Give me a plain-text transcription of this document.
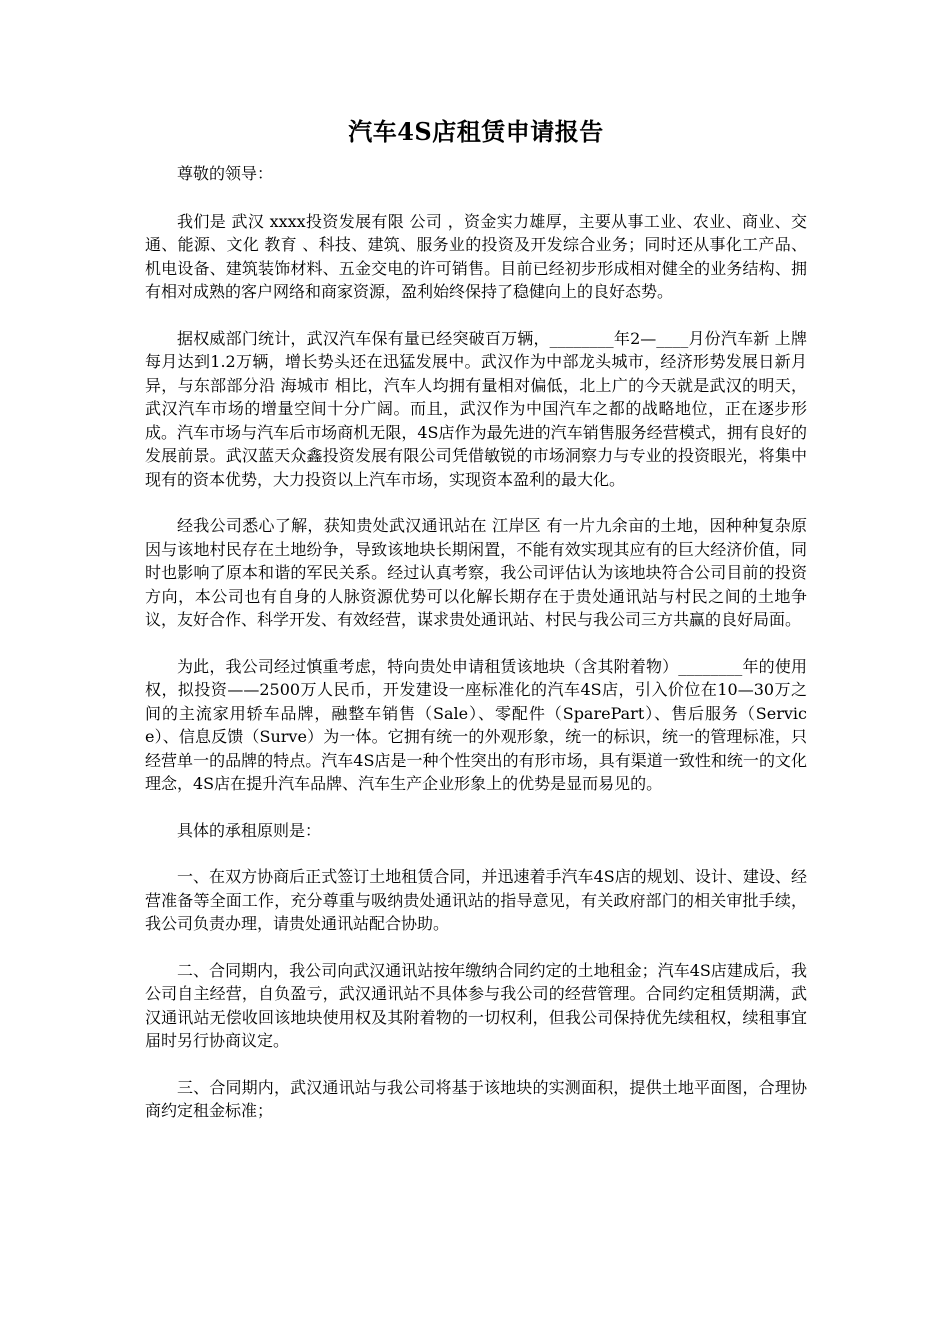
汽车4S店租赁申请报告

尊敬的领导：

我们是 武汉 xxxx投资发展有限 公司 ，资金实力雄厚，主要从事工业、农业、商业、交通、能源、文化 教育 、科技、建筑、服务业的投资及开发综合业务；同时还从事化工产品、机电设备、建筑装饰材料、五金交电的许可销售。目前已经初步形成相对健全的业务结构、拥有相对成熟的客户网络和商家资源，盈利始终保持了稳健向上的良好态势。

据权威部门统计，武汉汽车保有量已经突破百万辆，________年2—____月份汽车新 上牌 每月达到1.2万辆，增长势头还在迅猛发展中。武汉作为中部龙头城市，经济形势发展日新月异，与东部部分沿 海城市 相比，汽车人均拥有量相对偏低，北上广的今天就是武汉的明天，武汉汽车市场的增量空间十分广阔。而且，武汉作为中国汽车之都的战略地位，正在逐步形成。汽车市场与汽车后市场商机无限，4S店作为最先进的汽车销售服务经营模式，拥有良好的发展前景。武汉蓝天众鑫投资发展有限公司凭借敏锐的市场洞察力与专业的投资眼光，将集中现有的资本优势，大力投资以上汽车市场，实现资本盈利的最大化。

经我公司悉心了解，获知贵处武汉通讯站在 江岸区 有一片九余亩的土地，因种种复杂原因与该地村民存在土地纷争，导致该地块长期闲置，不能有效实现其应有的巨大经济价值，同时也影响了原本和谐的军民关系。经过认真考察，我公司评估认为该地块符合公司目前的投资方向，本公司也有自身的人脉资源优势可以化解长期存在于贵处通讯站与村民之间的土地争议，友好合作、科学开发、有效经营，谋求贵处通讯站、村民与我公司三方共赢的良好局面。

为此，我公司经过慎重考虑，特向贵处申请租赁该地块（含其附着物）________年的使用权，拟投资——2500万人民币，开发建设一座标准化的汽车4S店，引入价位在10—30万之间的主流家用轿车品牌，融整车销售（Sale）、零配件（SparePart）、售后服务（Service）、信息反馈（Surve）为一体。它拥有统一的外观形象，统一的标识，统一的管理标准，只经营单一的品牌的特点。汽车4S店是一种个性突出的有形市场，具有渠道一致性和统一的文化理念，4S店在提升汽车品牌、汽车生产企业形象上的优势是显而易见的。

具体的承租原则是：

一、在双方协商后正式签订土地租赁合同，并迅速着手汽车4S店的规划、设计、建设、经营准备等全面工作，充分尊重与吸纳贵处通讯站的指导意见，有关政府部门的相关审批手续，我公司负责办理，请贵处通讯站配合协助。

二、合同期内，我公司向武汉通讯站按年缴纳合同约定的土地租金；汽车4S店建成后，我公司自主经营，自负盈亏，武汉通讯站不具体参与我公司的经营管理。合同约定租赁期满，武汉通讯站无偿收回该地块使用权及其附着物的一切权利，但我公司保持优先续租权，续租事宜届时另行协商议定。

三、合同期内，武汉通讯站与我公司将基于该地块的实测面积，提供土地平面图，合理协商约定租金标准；
